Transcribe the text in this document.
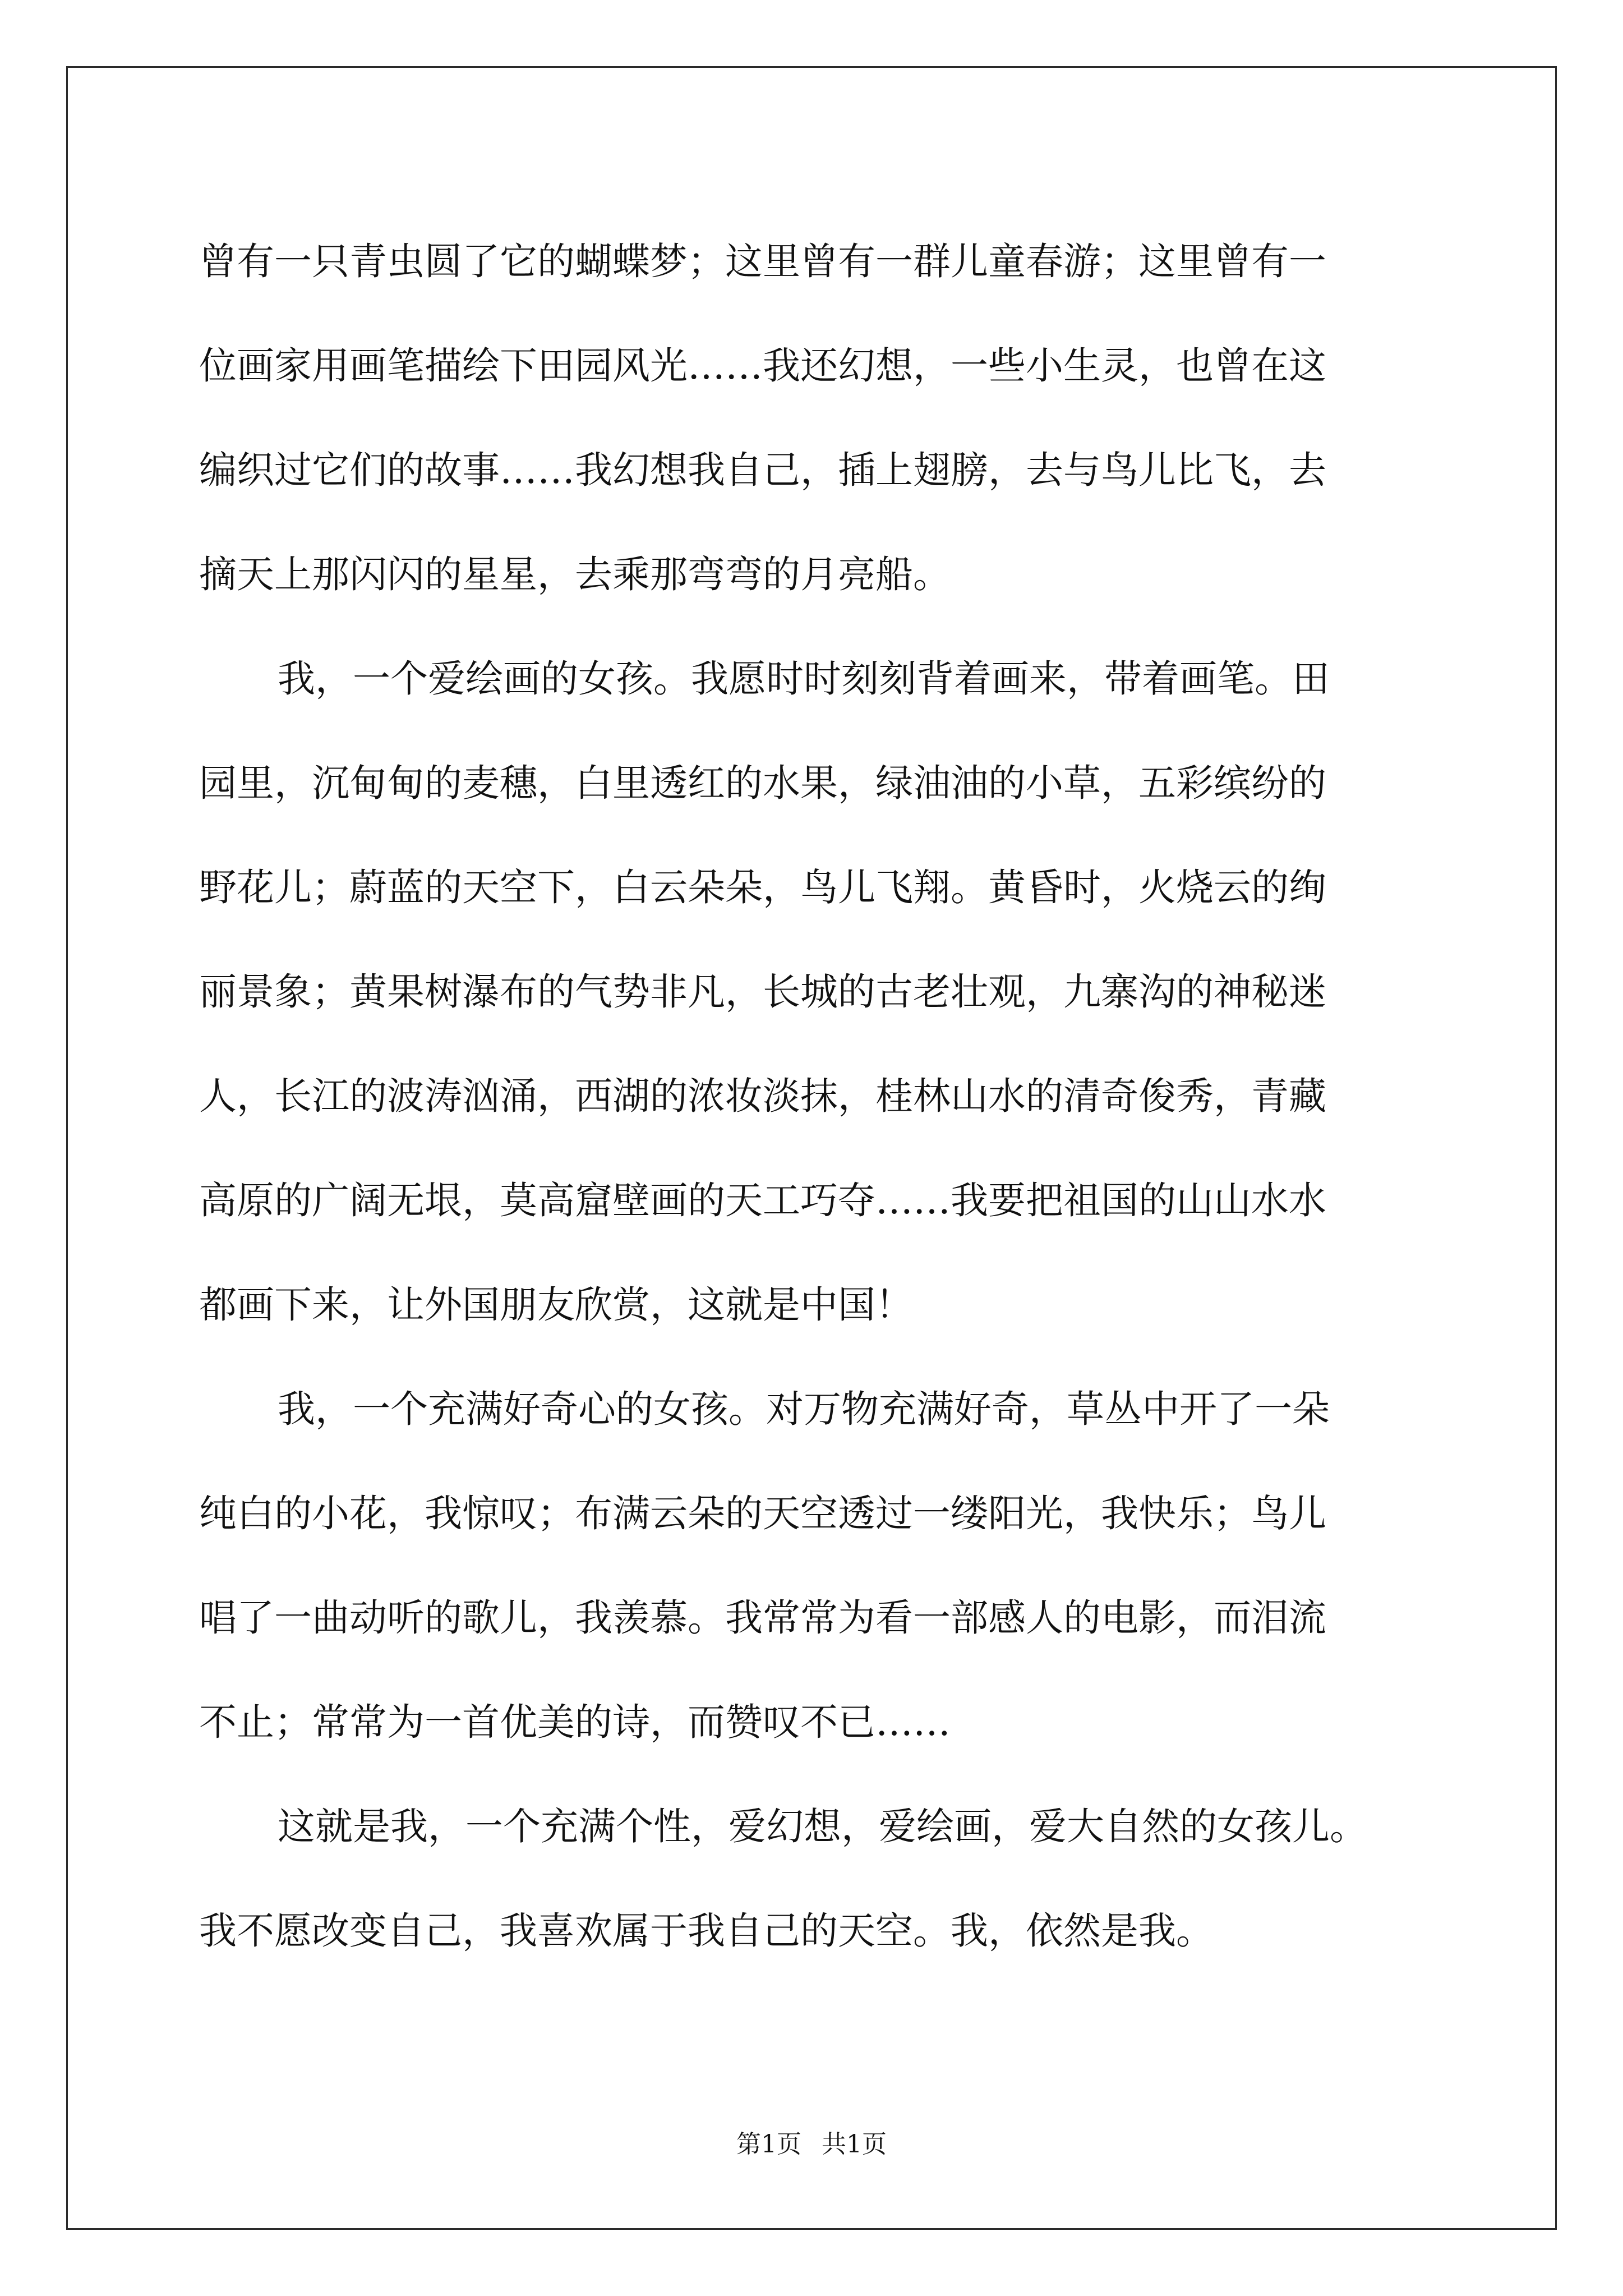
曾有一只青虫圆了它的蝴蝶梦；这里曾有一群儿童春游；这里曾有一
位画家用画笔描绘下田园风光……我还幻想，一些小生灵，也曾在这
编织过它们的故事……我幻想我自己，插上翅膀，去与鸟儿比飞，去
摘天上那闪闪的星星，去乘那弯弯的月亮船。

我，一个爱绘画的女孩。我愿时时刻刻背着画来，带着画笔。田
园里，沉甸甸的麦穗，白里透红的水果，绿油油的小草，五彩缤纷的
野花儿；蔚蓝的天空下，白云朵朵，鸟儿飞翔。黄昏时，火烧云的绚
丽景象；黄果树瀑布的气势非凡，长城的古老壮观，九寨沟的神秘迷
人，长江的波涛汹涌，西湖的浓妆淡抹，桂林山水的清奇俊秀，青藏
高原的广阔无垠，莫高窟壁画的天工巧夺……我要把祖国的山山水水
都画下来，让外国朋友欣赏，这就是中国！

我，一个充满好奇心的女孩。对万物充满好奇，草丛中开了一朵
纯白的小花，我惊叹；布满云朵的天空透过一缕阳光，我快乐；鸟儿
唱了一曲动听的歌儿，我羡慕。我常常为看一部感人的电影，而泪流
不止；常常为一首优美的诗，而赞叹不已……

这就是我，一个充满个性，爱幻想，爱绘画，爱大自然的女孩儿。
我不愿改变自己，我喜欢属于我自己的天空。我，依然是我。

第1页 共1页
